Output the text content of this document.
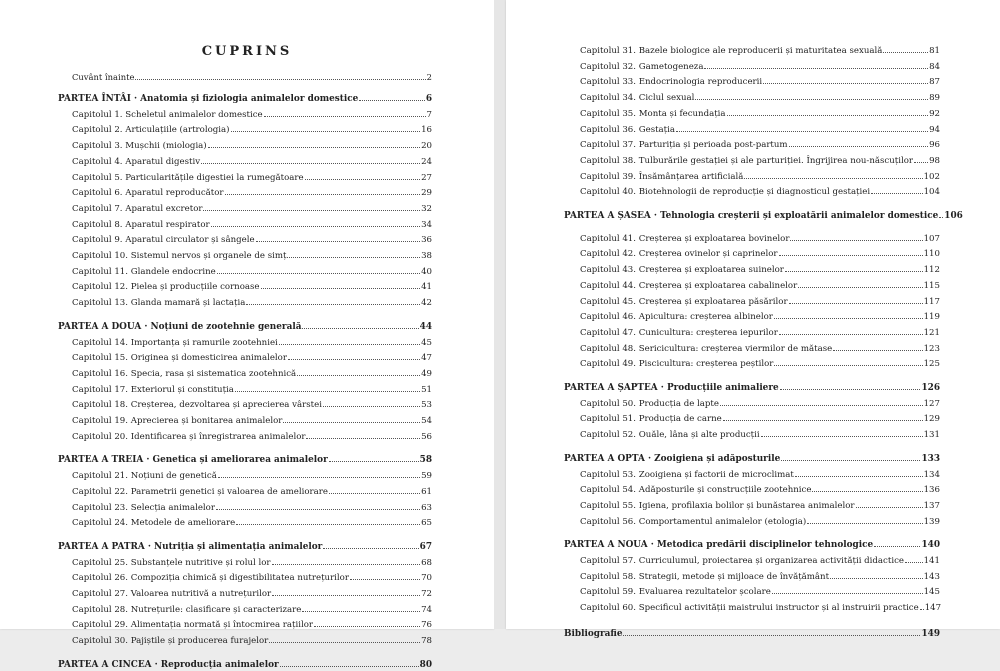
CUPRINS
Cuvânt înainte	2
PARTEA ÎNTÂI · Anatomia și fiziologia animalelor domestice	6
Capitolul 1. Scheletul animalelor domestice	7
Capitolul 2. Articulațiile (artrologia)	16
Capitolul 3. Mușchii (miologia)	20
Capitolul 4. Aparatul digestiv	24
Capitolul 5. Particularitățile digestiei la rumegătoare	27
Capitolul 6. Aparatul reproducător	29
Capitolul 7. Aparatul excretor	32
Capitolul 8. Aparatul respirator	34
Capitolul 9. Aparatul circulator și sângele	36
Capitolul 10. Sistemul nervos și organele de simț	38
Capitolul 11. Glandele endocrine	40
Capitolul 12. Pielea și producțiile cornoase	41
Capitolul 13. Glanda mamară și lactația	42
PARTEA A DOUA · Noțiuni de zootehnie generală	44
Capitolul 14. Importanța și ramurile zootehniei	45
Capitolul 15. Originea și domesticirea animalelor	47
Capitolul 16. Specia, rasa și sistematica zootehnică	49
Capitolul 17. Exteriorul și constituția	51
Capitolul 18. Creșterea, dezvoltarea și aprecierea vârstei	53
Capitolul 19. Aprecierea și bonitarea animalelor	54
Capitolul 20. Identificarea și înregistrarea animalelor	56
PARTEA A TREIA · Genetica și ameliorarea animalelor	58
Capitolul 21. Noțiuni de genetică	59
Capitolul 22. Parametrii genetici și valoarea de ameliorare	61
Capitolul 23. Selecția animalelor	63
Capitolul 24. Metodele de ameliorare	65
PARTEA A PATRA · Nutriția și alimentația animalelor	67
Capitolul 25. Substanțele nutritive și rolul lor	68
Capitolul 26. Compoziția chimică și digestibilitatea nutrețurilor	70
Capitolul 27. Valoarea nutritivă a nutrețurilor	72
Capitolul 28. Nutrețurile: clasificare și caracterizare	74
Capitolul 29. Alimentația normată și întocmirea rațiilor	76
Capitolul 30. Pajiștile și producerea furajelor	78
PARTEA A CINCEA · Reproducția animalelor	80
Capitolul 31. Bazele biologice ale reproducerii și maturitatea sexuală	81
Capitolul 32. Gametogeneza	84
Capitolul 33. Endocrinologia reproducerii	87
Capitolul 34. Ciclul sexual	89
Capitolul 35. Monta și fecundația	92
Capitolul 36. Gestația	94
Capitolul 37. Parturiția și perioada post-partum	96
Capitolul 38. Tulburările gestației și ale parturiției. Îngrijirea nou-născuților 98
Capitolul 39. Însămânțarea artificială	102
Capitolul 40. Biotehnologii de reproducție și diagnosticul gestației	104
PARTEA A ȘASEA · Tehnologia creșterii și exploatării animalelor domestice 106
Capitolul 41. Creșterea și exploatarea bovinelor	107
Capitolul 42. Creșterea ovinelor și caprinelor	110
Capitolul 43. Creșterea și exploatarea suinelor	112
Capitolul 44. Creșterea și exploatarea cabalinelor	115
Capitolul 45. Creșterea și exploatarea păsărilor	117
Capitolul 46. Apicultura: creșterea albinelor	119
Capitolul 47. Cunicultura: creșterea iepurilor	121
Capitolul 48. Sericicultura: creșterea viermilor de mătase	123
Capitolul 49. Piscicultura: creșterea peștilor	125
PARTEA A ȘAPTEA · Producțiile animaliere	126
Capitolul 50. Producția de lapte	127
Capitolul 51. Producția de carne	129
Capitolul 52. Ouăle, lâna și alte producții	131
PARTEA A OPTA · Zooigiena și adăposturile	133
Capitolul 53. Zooigiena și factorii de microclimat	134
Capitolul 54. Adăposturile și construcțiile zootehnice	136
Capitolul 55. Igiena, profilaxia bolilor și bunăstarea animalelor	137
Capitolul 56. Comportamentul animalelor (etologia)	139
PARTEA A NOUA · Metodica predării disciplinelor tehnologice	140
Capitolul 57. Curriculumul, proiectarea și organizarea activității didactice 141
Capitolul 58. Strategii, metode și mijloace de învățământ	143
Capitolul 59. Evaluarea rezultatelor școlare	145
Capitolul 60. Specificul activității maistrului instructor și al instruirii practice 147
Bibliografie	149
